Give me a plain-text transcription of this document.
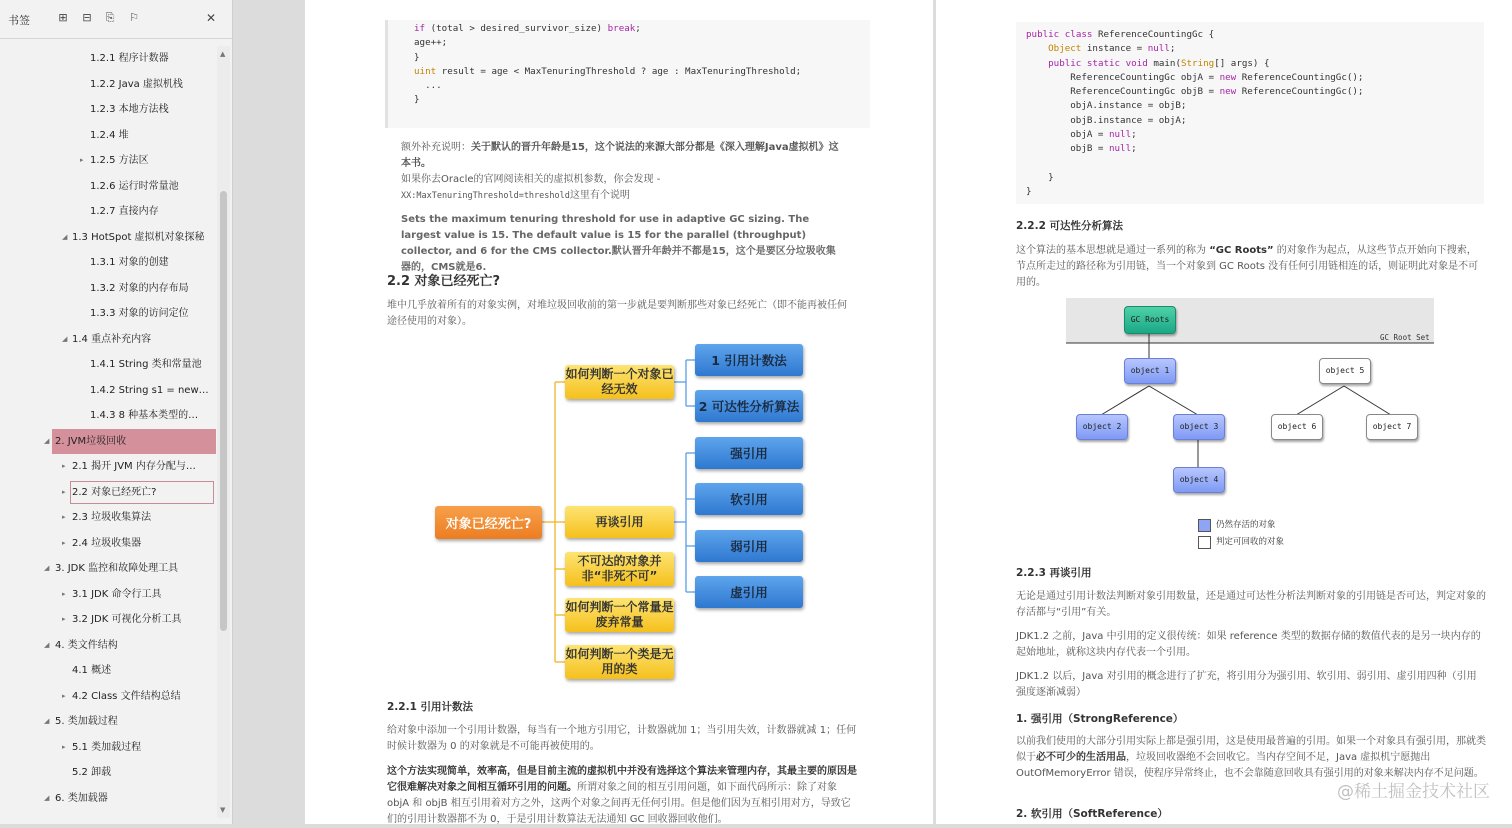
书签	⊞ ⊟ ⎘ ⚐	✕
1.2.1 程序计数器
1.2.2 Java 虚拟机栈
1.2.3 本地方法栈
1.2.4 堆
▸ 1.2.5 方法区
1.2.6 运行时常量池
1.2.7 直接内存
◢ 1.3 HotSpot 虚拟机对象探秘
1.3.1 对象的创建
1.3.2 对象的内存布局
1.3.3 对象的访问定位
◢ 1.4 重点补充内容
1.4.1 String 类和常量池
1.4.2 String s1 = new…
1.4.3 8 种基本类型的…
◢ 2. JVM垃圾回收
▸ 2.1 揭开 JVM 内存分配与…
▸ 2.2 对象已经死亡?
▸ 2.3 垃圾收集算法
▸ 2.4 垃圾收集器
◢ 3. JDK 监控和故障处理工具
▸ 3.1 JDK 命令行工具
▸ 3.2 JDK 可视化分析工具
◢ 4. 类文件结构
4.1 概述
▸ 4.2 Class 文件结构总结
◢ 5. 类加载过程
▸ 5.1 类加载过程
5.2 卸载
◢ 6. 类加载器
▲
▼
if (total > desired_survivor_size) break;
age++;
}
uint result = age < MaxTenuringThreshold ? age : MaxTenuringThreshold;
...
}
额外补充说明：关于默认的晋升年龄是15，这个说法的来源大部分都是《深入理解Java虚拟机》这本书。
如果你去Oracle的官网阅读相关的虚拟机参数，你会发现 -
XX:MaxTenuringThreshold=threshold这里有个说明
Sets the maximum tenuring threshold for use in adaptive GC sizing. The largest value is 15. The default value is 15 for the parallel (throughput) collector, and 6 for the CMS collector.默认晋升年龄并不都是15，这个是要区分垃圾收集器的，CMS就是6.
2.2 对象已经死亡?
堆中几乎放着所有的对象实例，对堆垃圾回收前的第一步就是要判断那些对象已经死亡（即不能再被任何途径使用的对象）。
对象已经死亡?
如何判断一个对象已经无效
再谈引用
不可达的对象并非“非死不可”
如何判断一个常量是废弃常量
如何判断一个类是无用的类
1 引用计数法
2 可达性分析算法
强引用
软引用
弱引用
虚引用
2.2.1 引用计数法
给对象中添加一个引用计数器，每当有一个地方引用它，计数器就加 1；当引用失效，计数器就减 1；任何时候计数器为 0 的对象就是不可能再被使用的。
这个方法实现简单，效率高，但是目前主流的虚拟机中并没有选择这个算法来管理内存，其最主要的原因是它很难解决对象之间相互循环引用的问题。所谓对象之间的相互引用问题，如下面代码所示：除了对象 objA 和 objB 相互引用着对方之外，这两个对象之间再无任何引用。但是他们因为互相引用对方，导致它们的引用计数器都不为 0，于是引用计数算法无法通知 GC 回收器回收他们。
public class ReferenceCountingGc {
Object instance = null;
public static void main(String[] args) {
ReferenceCountingGc objA = new ReferenceCountingGc();
ReferenceCountingGc objB = new ReferenceCountingGc();
objA.instance = objB;
objB.instance = objA;
objA = null;
objB = null;

}
}
2.2.2 可达性分析算法
这个算法的基本思想就是通过一系列的称为 “GC Roots” 的对象作为起点，从这些节点开始向下搜索，节点所走过的路径称为引用链，当一个对象到 GC Roots 没有任何引用链相连的话，则证明此对象是不可用的。
GC Root Set
GC Roots
object 1
object 2	object 3
object 4
object 5
object 6	object 7
仍然存活的对象
判定可回收的对象
2.2.3 再谈引用
无论是通过引用计数法判断对象引用数量，还是通过可达性分析法判断对象的引用链是否可达，判定对象的存活都与“引用”有关。
JDK1.2 之前，Java 中引用的定义很传统：如果 reference 类型的数据存储的数值代表的是另一块内存的起始地址，就称这块内存代表一个引用。
JDK1.2 以后，Java 对引用的概念进行了扩充，将引用分为强引用、软引用、弱引用、虚引用四种（引用强度逐渐减弱）
1. 强引用（StrongReference）
以前我们使用的大部分引用实际上都是强引用，这是使用最普遍的引用。如果一个对象具有强引用，那就类似于必不可少的生活用品，垃圾回收器绝不会回收它。当内存空间不足，Java 虚拟机宁愿抛出 OutOfMemoryError 错误，使程序异常终止，也不会靠随意回收具有强引用的对象来解决内存不足问题。
2. 软引用（SoftReference）
@稀土掘金技术社区
